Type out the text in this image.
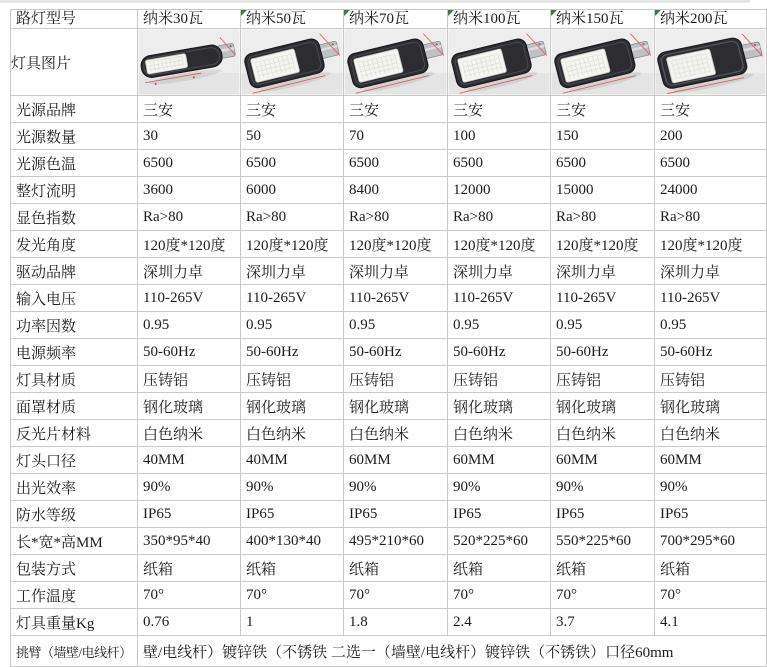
路灯型号	纳米30瓦	纳米50瓦	纳米70瓦	纳米100瓦	纳米150瓦	纳米200瓦

灯具图片	

光源品牌	三安	三安	三安	三安	三安	三安
光源数量	30	50	70	100	150	200
光源色温	6500	6500	6500	6500	6500	6500
整灯流明	3600	6000	8400	12000	15000	24000
显色指数	Ra>80	Ra>80	Ra>80	Ra>80	Ra>80	Ra>80
发光角度	120度*120度	120度*120度	120度*120度	120度*120度	120度*120度	120度*120度
驱动品牌	深圳力卓	深圳力卓	深圳力卓	深圳力卓	深圳力卓	深圳力卓
输入电压	110-265V	110-265V	110-265V	110-265V	110-265V	110-265V
功率因数	0.95	0.95	0.95	0.95	0.95	0.95
电源频率	50-60Hz	50-60Hz	50-60Hz	50-60Hz	50-60Hz	50-60Hz
灯具材质	压铸铝	压铸铝	压铸铝	压铸铝	压铸铝	压铸铝
面罩材质	钢化玻璃	钢化玻璃	钢化玻璃	钢化玻璃	钢化玻璃	钢化玻璃
反光片材料	白色纳米	白色纳米	白色纳米	白色纳米	白色纳米	白色纳米
灯头口径	40MM	40MM	60MM	60MM	60MM	60MM
出光效率	90%	90%	90%	90%	90%	90%
防水等级	IP65	IP65	IP65	IP65	IP65	IP65
长*宽*高MM	350*95*40	400*130*40	495*210*60	520*225*60	550*225*60	700*295*60
包装方式	纸箱	纸箱	纸箱	纸箱	纸箱	纸箱
工作温度	70°	70°	70°	70°	70°	70°
灯具重量Kg	0.76	1	1.8	2.4	3.7	4.1
挑臂（墙壁/电线杆）	壁/电线杆）镀锌铁（不锈铁 二选一（墙壁/电线杆）镀锌铁（不锈铁）口径60mm					
